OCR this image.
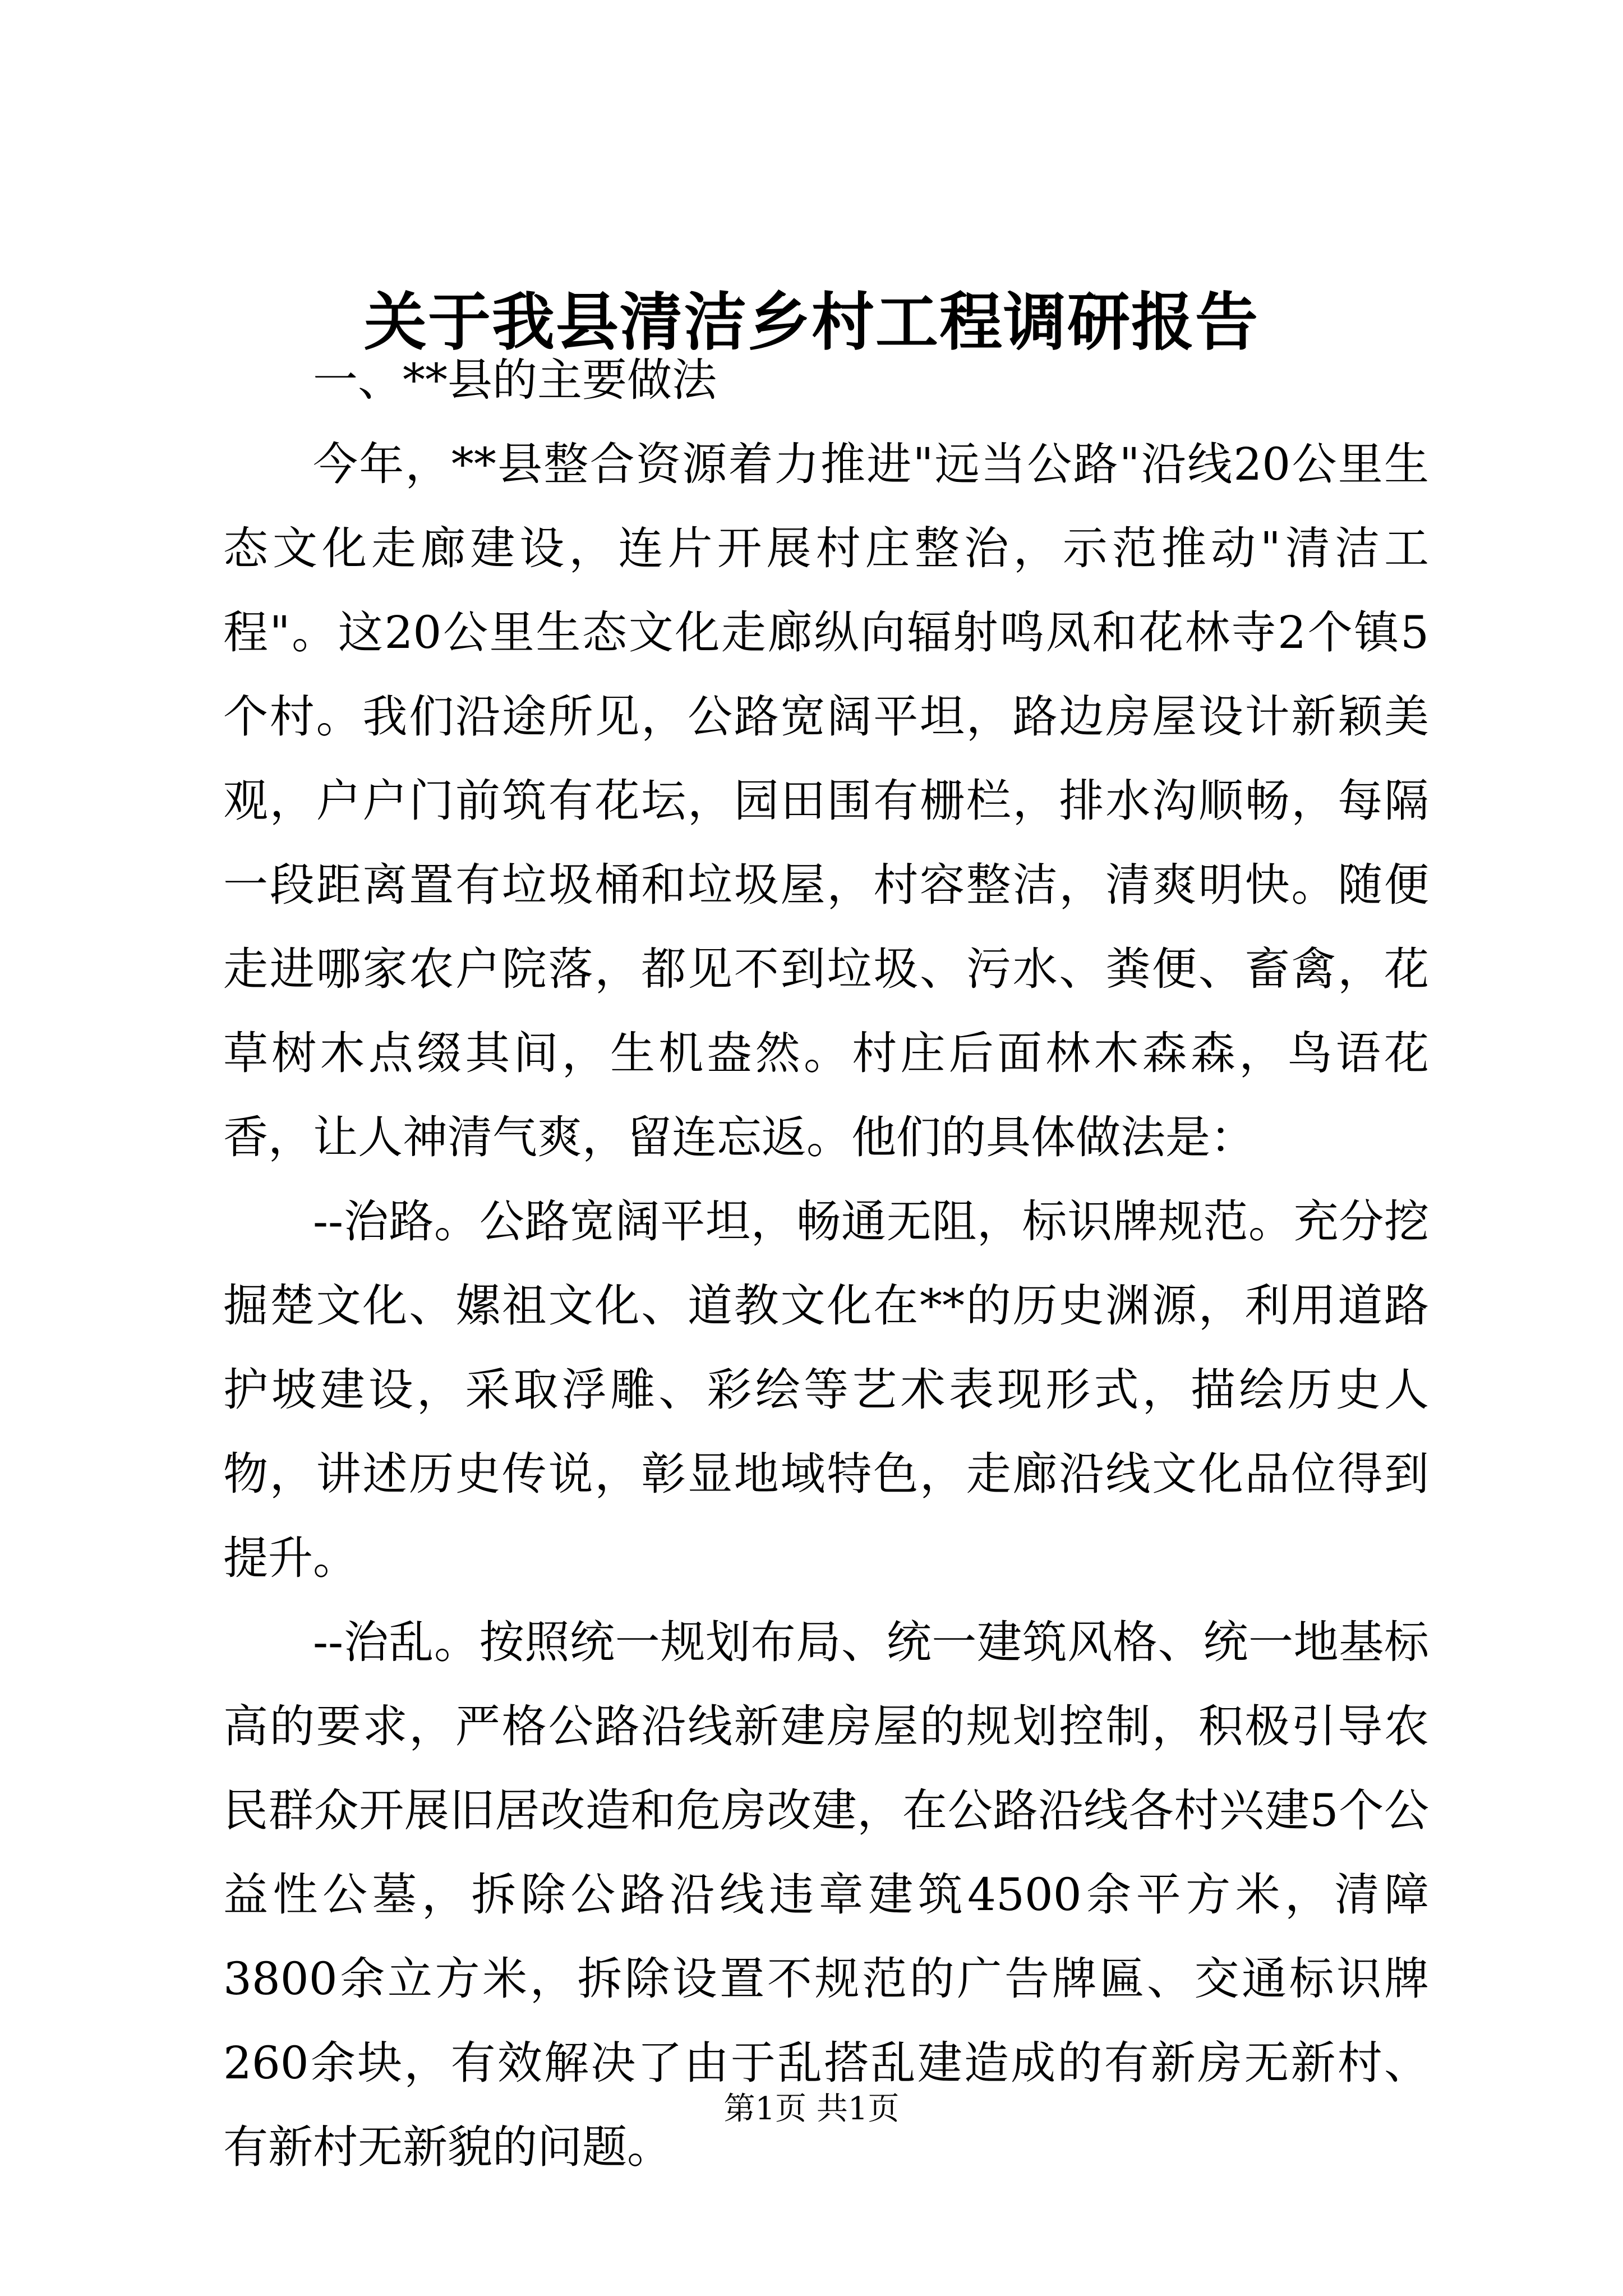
关于我县清洁乡村工程调研报告

一、**县的主要做法

今年，**县整合资源着力推进"远当公路"沿线20公里生态文化走廊建设，连片开展村庄整治，示范推动"清洁工程"。这20公里生态文化走廊纵向辐射鸣凤和花林寺2个镇5个村。我们沿途所见，公路宽阔平坦，路边房屋设计新颖美观，户户门前筑有花坛，园田围有栅栏，排水沟顺畅，每隔一段距离置有垃圾桶和垃圾屋，村容整洁，清爽明快。随便走进哪家农户院落，都见不到垃圾、污水、粪便、畜禽，花草树木点缀其间，生机盎然。村庄后面林木森森，鸟语花香，让人神清气爽，留连忘返。他们的具体做法是：

--治路。公路宽阔平坦，畅通无阻，标识牌规范。充分挖掘楚文化、嫘祖文化、道教文化在**的历史渊源，利用道路护坡建设，采取浮雕、彩绘等艺术表现形式，描绘历史人物，讲述历史传说，彰显地域特色，走廊沿线文化品位得到提升。

--治乱。按照统一规划布局、统一建筑风格、统一地基标高的要求，严格公路沿线新建房屋的规划控制，积极引导农民群众开展旧居改造和危房改建，在公路沿线各村兴建5个公益性公墓，拆除公路沿线违章建筑4500余平方米，清障3800余立方米，拆除设置不规范的广告牌匾、交通标识牌260余块，有效解决了由于乱搭乱建造成的有新房无新村、有新村无新貌的问题。

第1页 共1页
